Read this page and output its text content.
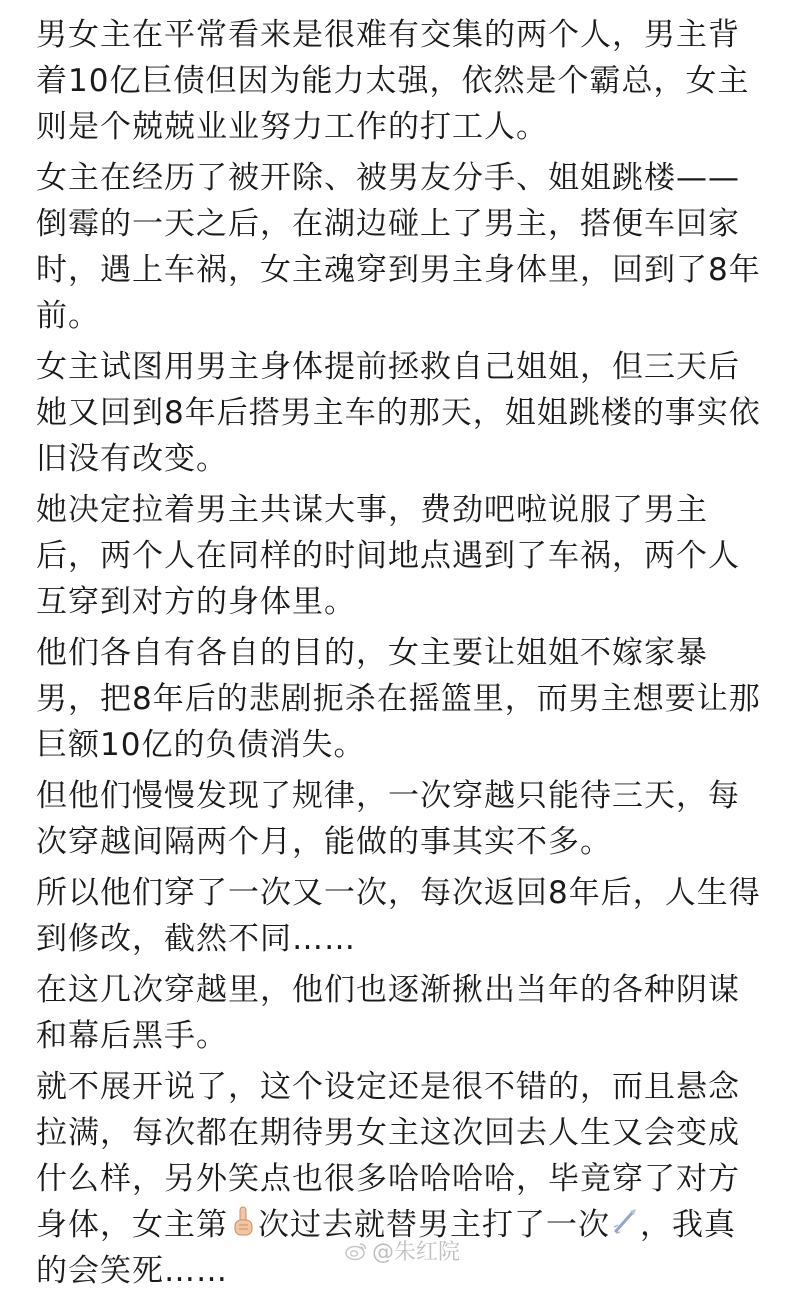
男女主在平常看来是很难有交集的两个人，男主背
着10亿巨债但因为能力太强，依然是个霸总，女主
则是个兢兢业业努力工作的打工人。
女主在经历了被开除、被男友分手、姐姐跳楼——
倒霉的一天之后，在湖边碰上了男主，搭便车回家
时，遇上车祸，女主魂穿到男主身体里，回到了8年
前。
女主试图用男主身体提前拯救自己姐姐，但三天后
她又回到8年后搭男主车的那天，姐姐跳楼的事实依
旧没有改变。
她决定拉着男主共谋大事，费劲吧啦说服了男主
后，两个人在同样的时间地点遇到了车祸，两个人
互穿到对方的身体里。
他们各自有各自的目的，女主要让姐姐不嫁家暴
男，把8年后的悲剧扼杀在摇篮里，而男主想要让那
巨额10亿的负债消失。
但他们慢慢发现了规律，一次穿越只能待三天，每
次穿越间隔两个月，能做的事其实不多。
所以他们穿了一次又一次，每次返回8年后，人生得
到修改，截然不同……
在这几次穿越里，他们也逐渐揪出当年的各种阴谋
和幕后黑手。
就不展开说了，这个设定还是很不错的，而且悬念
拉满，每次都在期待男女主这次回去人生又会变成
什么样，另外笑点也很多哈哈哈哈，毕竟穿了对方
身体，女主第 次过去就替男主打了一次 ，我真
的会笑死……
@朱红院
